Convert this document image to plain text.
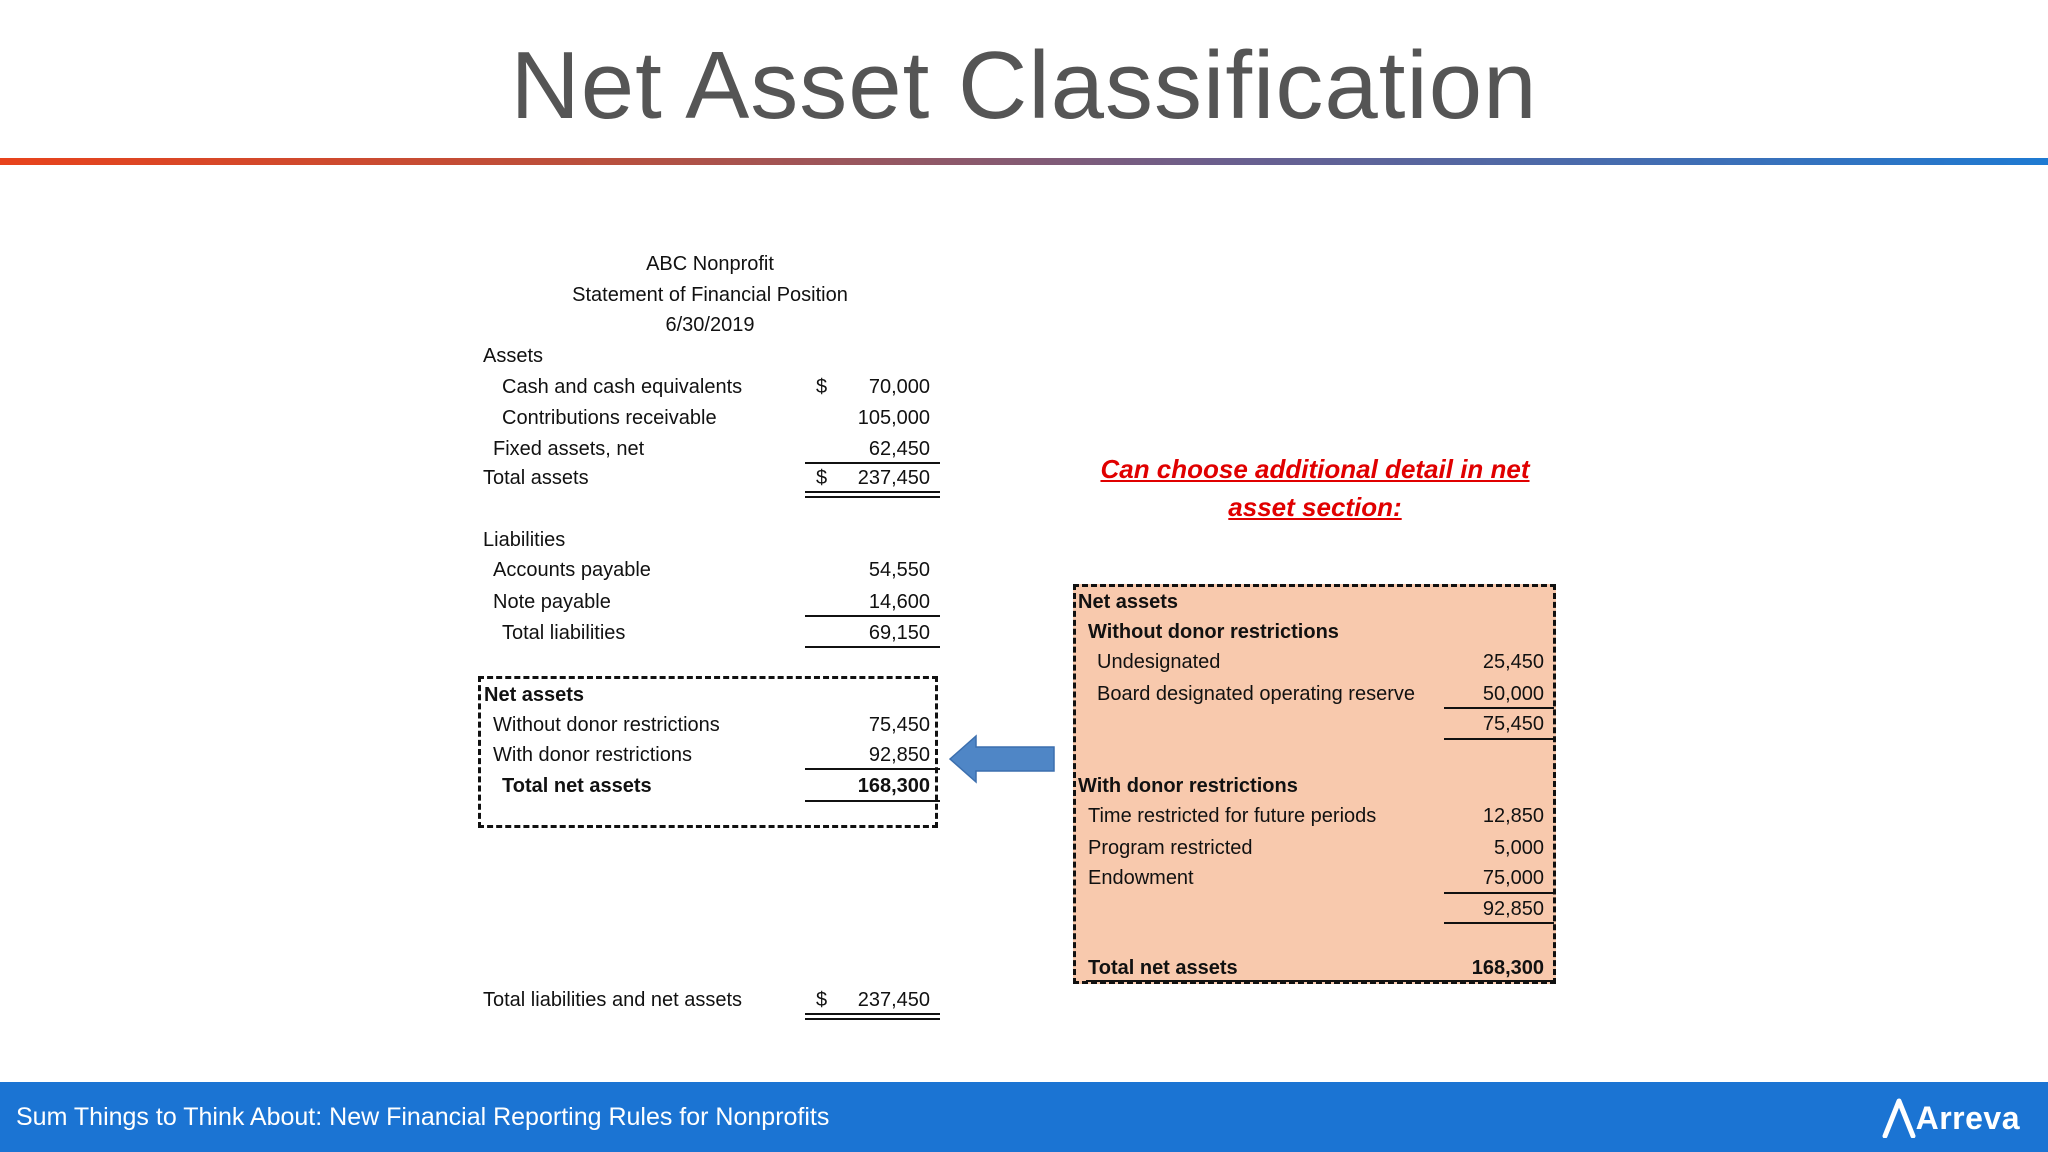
Net Asset Classification
ABC Nonprofit
Statement of Financial Position
6/30/2019
Assets
Cash and cash equivalents	$	70,000
Contributions receivable	105,000
Fixed assets, net	62,450
Total assets	$	237,450
Liabilities
Accounts payable	54,550
Note payable	14,600
Total liabilities	69,150
Net assets
Without donor restrictions	75,450
With donor restrictions	92,850
Total net assets	168,300
Total liabilities and net assets	$	237,450
Can choose additional detail in net
asset section:
Net assets
Without donor restrictions
Undesignated	25,450
Board designated operating reserve	50,000
75,450
With donor restrictions
Time restricted for future periods	12,850
Program restricted	5,000
Endowment	75,000
92,850
Total net assets	168,300
Sum Things to Think About: New Financial Reporting Rules for Nonprofits	Arreva
